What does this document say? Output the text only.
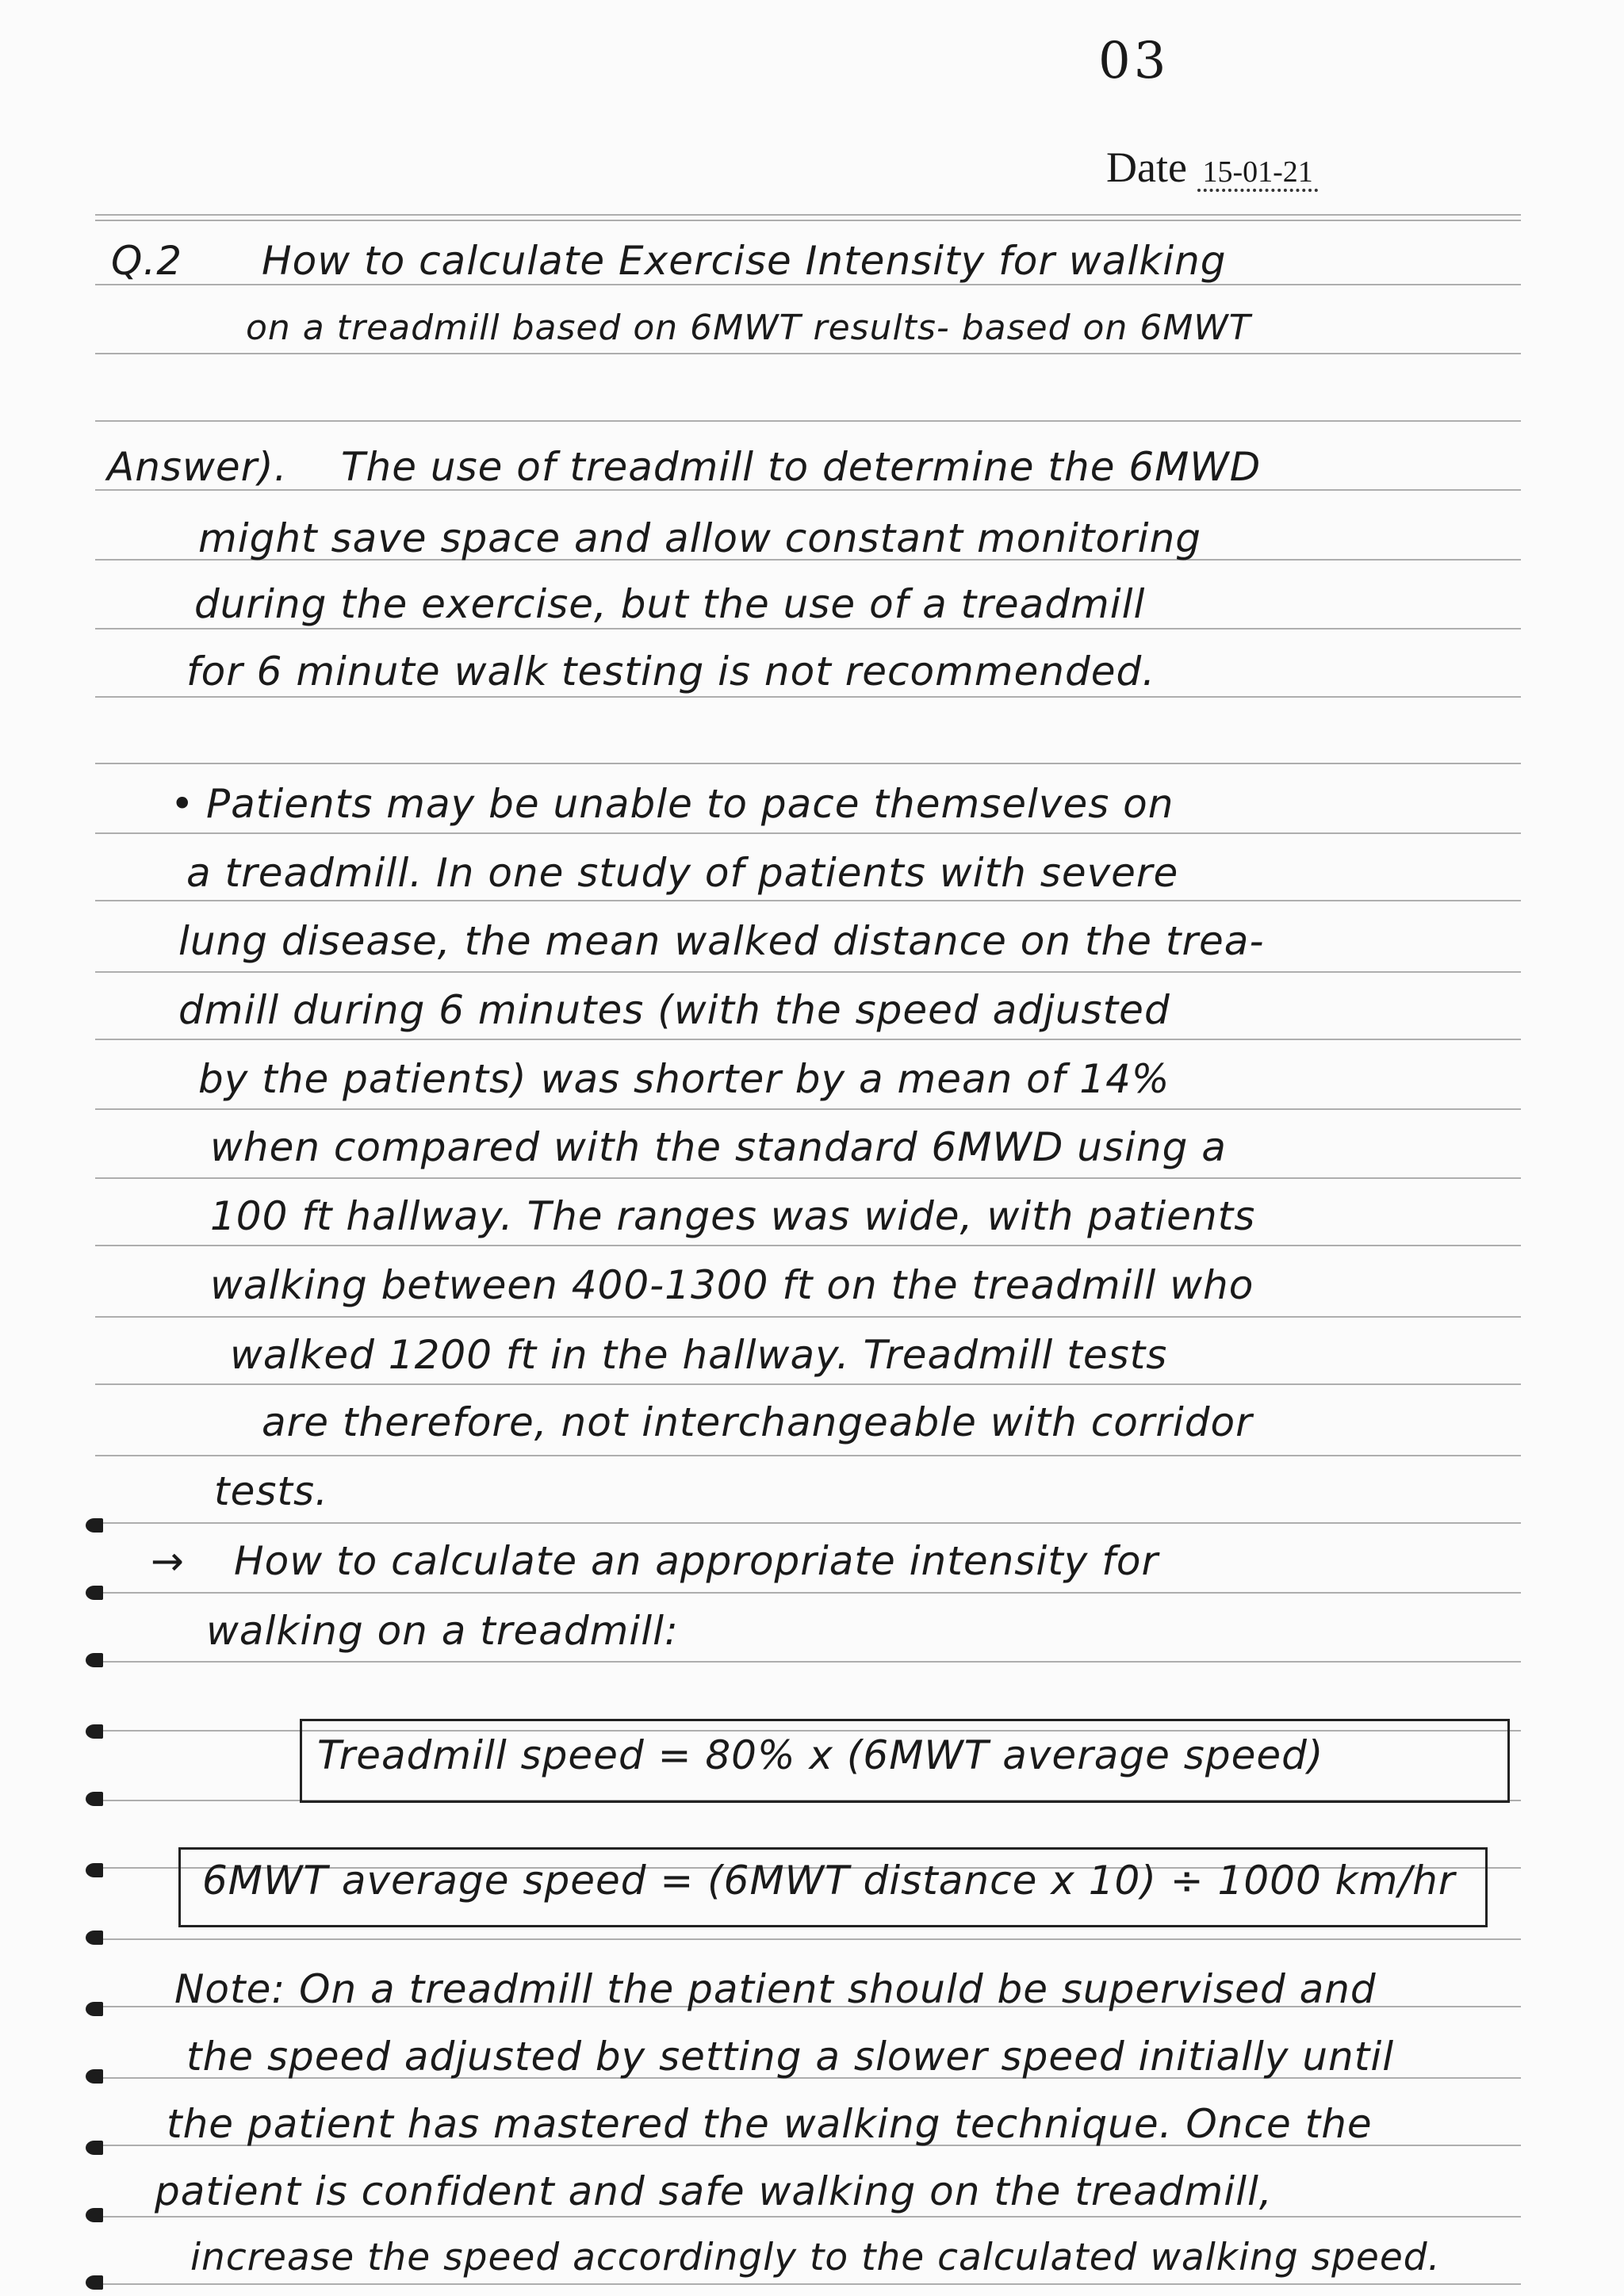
03
Date 15-01-21
Q.2 How to calculate Exercise Intensity for walking
on a treadmill based on 6MWT results- based on 6MWT
Answer). The use of treadmill to determine the 6MWD
might save space and allow constant monitoring
during the exercise, but the use of a treadmill
for 6 minute walk testing is not recommended.
• Patients may be unable to pace themselves on
a treadmill. In one study of patients with severe
lung disease, the mean walked distance on the trea-
dmill during 6 minutes (with the speed adjusted
by the patients) was shorter by a mean of 14%
when compared with the standard 6MWD using a
100 ft hallway. The ranges was wide, with patients
walking between 400-1300 ft on the treadmill who
walked 1200 ft in the hallway. Treadmill tests
are therefore, not interchangeable with corridor
tests.
→ How to calculate an appropriate intensity for
walking on a treadmill:
Treadmill speed = 80% x (6MWT average speed)
6MWT average speed = (6MWT distance x 10) ÷ 1000 km/hr
Note: On a treadmill the patient should be supervised and
the speed adjusted by setting a slower speed initially until
the patient has mastered the walking technique. Once the
patient is confident and safe walking on the treadmill,
increase the speed accordingly to the calculated walking speed.
